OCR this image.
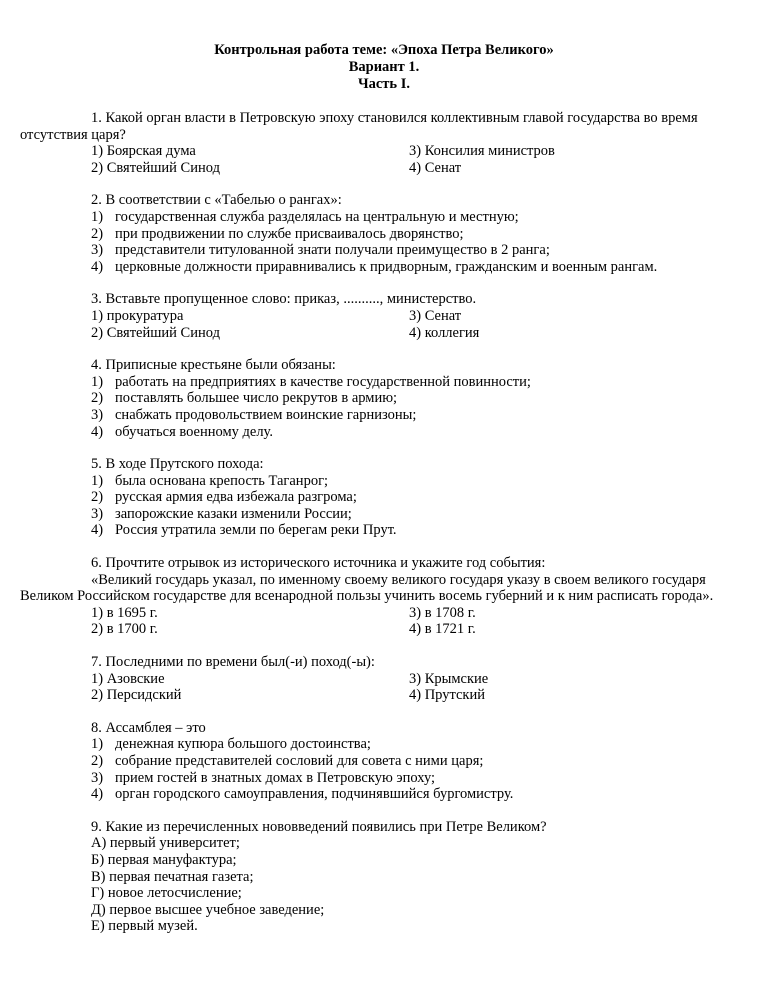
Контрольная работа теме: «Эпоха Петра Великого»
Вариант 1.
Часть I.
1. Какой орган власти в Петровскую эпоху становился коллективным главой государства во время отсутствия царя?
1) Боярская дума	3) Консилия министров
2) Святейший Синод	4) Сенат
2. В соответствии с «Табелью о рангах»:
1) государственная служба разделялась на центральную и местную;
2) при продвижении по службе присваивалось дворянство;
3) представители титулованной знати получали преимущество в 2 ранга;
4) церковные должности приравнивались к придворным, гражданским и военным рангам.
3. Вставьте пропущенное слово: приказ, .........., министерство.
1) прокуратура	3) Сенат
2) Святейший Синод	4) коллегия
4. Приписные крестьяне были обязаны:
1) работать на предприятиях в качестве государственной повинности;
2) поставлять большее число рекрутов в армию;
3) снабжать продовольствием воинские гарнизоны;
4) обучаться военному делу.
5. В ходе Прутского похода:
1) была основана крепость Таганрог;
2) русская армия едва избежала разгрома;
3) запорожские казаки изменили России;
4) Россия утратила земли по берегам реки Прут.
6. Прочтите отрывок из исторического источника и укажите год события:
«Великий государь указал, по именному своему великого государя указу в своем великого государя Великом Российском государстве для всенародной пользы учинить восемь губерний и к ним расписать города».
1) в 1695 г.	3) в 1708 г.
2) в 1700 г.	4) в 1721 г.
7. Последними по времени был(-и) поход(-ы):
1) Азовские	3) Крымские
2) Персидский	4) Прутский
8. Ассамблея – это
1) денежная купюра большого достоинства;
2) собрание представителей сословий для совета с ними царя;
3) прием гостей в знатных домах в Петровскую эпоху;
4) орган городского самоуправления, подчинявшийся бургомистру.
9. Какие из перечисленных нововведений появились при Петре Великом?
А) первый университет;
Б) первая мануфактура;
В) первая печатная газета;
Г) новое летосчисление;
Д) первое высшее учебное заведение;
Е) первый музей.
